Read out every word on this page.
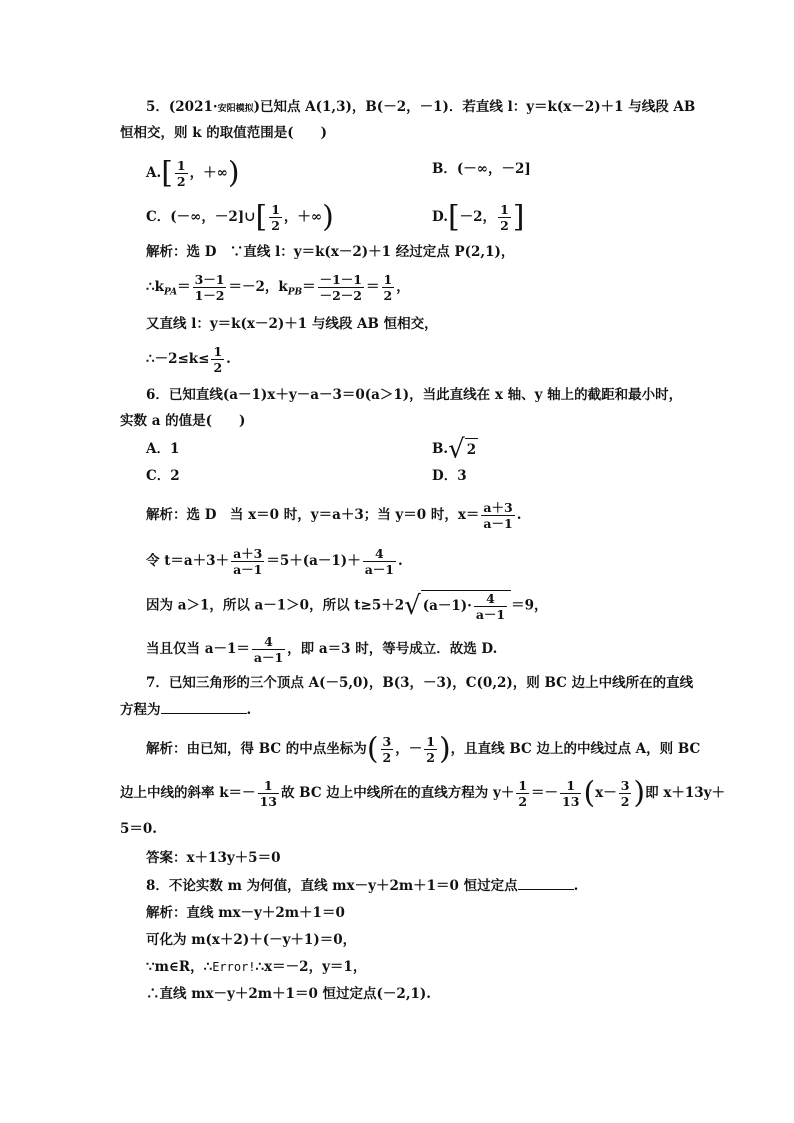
5．(2021·安阳模拟)已知点 A(1,3)，B(－2，－1)．若直线 l：y＝k(x－2)＋1 与线段 AB
恒相交，则 k 的取值范围是(　　)
$A.[ \frac{1}{2}$ ，＋∞)	B．(－∞，－2]
C．(－∞，－2]∪[ $\frac{1}{2}$ ，＋∞)	D.[－2， $\frac{1}{2}$ ]
解析：选 D　∵直线 l：y＝k(x－2)＋1 经过定点 P(2,1)，
$\therefore k_{PA}= \frac{3-1}{1-2} =-2$，$k_{PB}= \frac{-1-1}{-2-2} = \frac{1}{2}$ ，
又直线 l：y＝k(x－2)＋1 与线段 AB 恒相交，
∴－2≤k≤ $\frac{1}{2}$ .
6．已知直线(a－1)x＋y－a－3＝0(a＞1)，当此直线在 x 轴、y 轴上的截距和最小时，
实数 a 的值是(　　)
A．1	B.√ 2
C．2	D．3
解析：选 D　当 x＝0 时，y＝a＋3；当 y＝0 时，$x= \frac{a+3}{a-1}$ .
令 $t=a+3+ \frac{a+3}{a-1} =5+(a-1)+ \frac{4}{a-1}$ .
因为 a＞1，所以 a－1＞0，所以 t≥5＋2√ $(a-1)\cdot \frac{4}{a-1} =9$，
当且仅当 $a-1= \frac{4}{a-1}$ ，即 a＝3 时，等号成立．故选 D.
7．已知三角形的三个顶点 A(－5,0)，B(3，－3)，C(0,2)，则 BC 边上中线所在的直线
方程为	.
解析：由已知，得 BC 的中点坐标为( $\frac{3}{2}$ ，－ $\frac{1}{2}$ )，且直线 BC 边上的中线过点 A，则 BC
边上中线的斜率 $k=- \frac{1}{13}$ 故 BC 边上中线所在的直线方程为 $y+ \frac{1}{2} =- \frac{1}{13} (x- \frac{3}{2}$ )即 x＋13y＋
5＝0.
答案：x＋13y＋5＝0
8．不论实数 m 为何值，直线 mx－y＋2m＋1＝0 恒过定点	.
解析：直线 mx－y＋2m＋1＝0
可化为 m(x＋2)＋(－y＋1)＝0，
∵m∈R，∴Error!∴x＝－2，y＝1，
∴直线 mx－y＋2m＋1＝0 恒过定点(－2,1).
